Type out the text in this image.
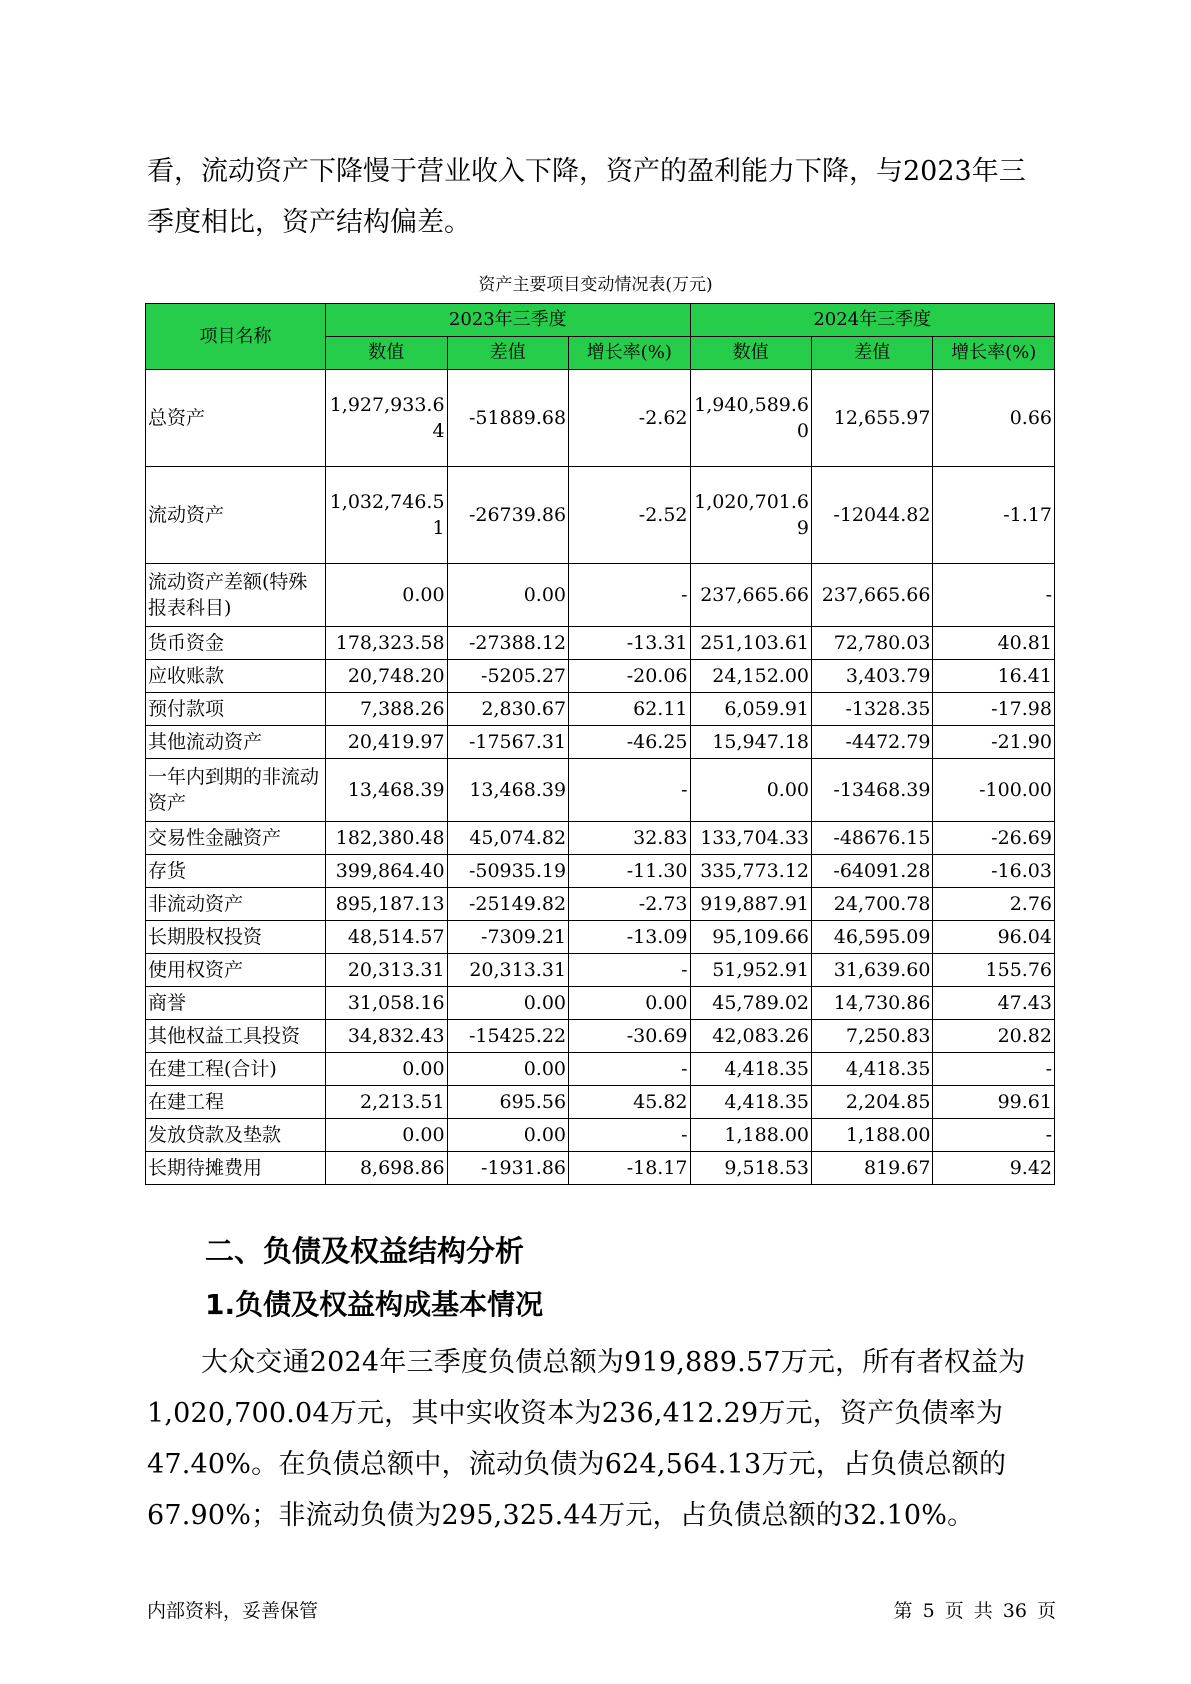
看，流动资产下降慢于营业收入下降，资产的盈利能力下降，与2023年三季度相比，资产结构偏差。

资产主要项目变动情况表(万元)
项目名称	2023年三季度			2024年三季度		
	数值	差值	增长率(%)	数值	差值	增长率(%)
总资产	1,927,933.64	-51889.68	-2.62	1,940,589.60	12,655.97	0.66
流动资产	1,032,746.51	-26739.86	-2.52	1,020,701.69	-12044.82	-1.17
流动资产差额(特殊报表科目)	0.00	0.00	-	237,665.66	237,665.66	-
货币资金	178,323.58	-27388.12	-13.31	251,103.61	72,780.03	40.81
应收账款	20,748.20	-5205.27	-20.06	24,152.00	3,403.79	16.41
预付款项	7,388.26	2,830.67	62.11	6,059.91	-1328.35	-17.98
其他流动资产	20,419.97	-17567.31	-46.25	15,947.18	-4472.79	-21.90
一年内到期的非流动资产	13,468.39	13,468.39	-	0.00	-13468.39	-100.00
交易性金融资产	182,380.48	45,074.82	32.83	133,704.33	-48676.15	-26.69
存货	399,864.40	-50935.19	-11.30	335,773.12	-64091.28	-16.03
非流动资产	895,187.13	-25149.82	-2.73	919,887.91	24,700.78	2.76
长期股权投资	48,514.57	-7309.21	-13.09	95,109.66	46,595.09	96.04
使用权资产	20,313.31	20,313.31	-	51,952.91	31,639.60	155.76
商誉	31,058.16	0.00	0.00	45,789.02	14,730.86	47.43
其他权益工具投资	34,832.43	-15425.22	-30.69	42,083.26	7,250.83	20.82
在建工程(合计)	0.00	0.00	-	4,418.35	4,418.35	-
在建工程	2,213.51	695.56	45.82	4,418.35	2,204.85	99.61
发放贷款及垫款	0.00	0.00	-	1,188.00	1,188.00	-
长期待摊费用	8,698.86	-1931.86	-18.17	9,518.53	819.67	9.42
二、负债及权益结构分析
1.负债及权益构成基本情况

大众交通2024年三季度负债总额为919,889.57万元，所有者权益为1,020,700.04万元，其中实收资本为236,412.29万元，资产负债率为47.40%。在负债总额中，流动负债为624,564.13万元，占负债总额的67.90%；非流动负债为295,325.44万元，占负债总额的32.10%。

内部资料，妥善保管	第 5 页 共 36 页
